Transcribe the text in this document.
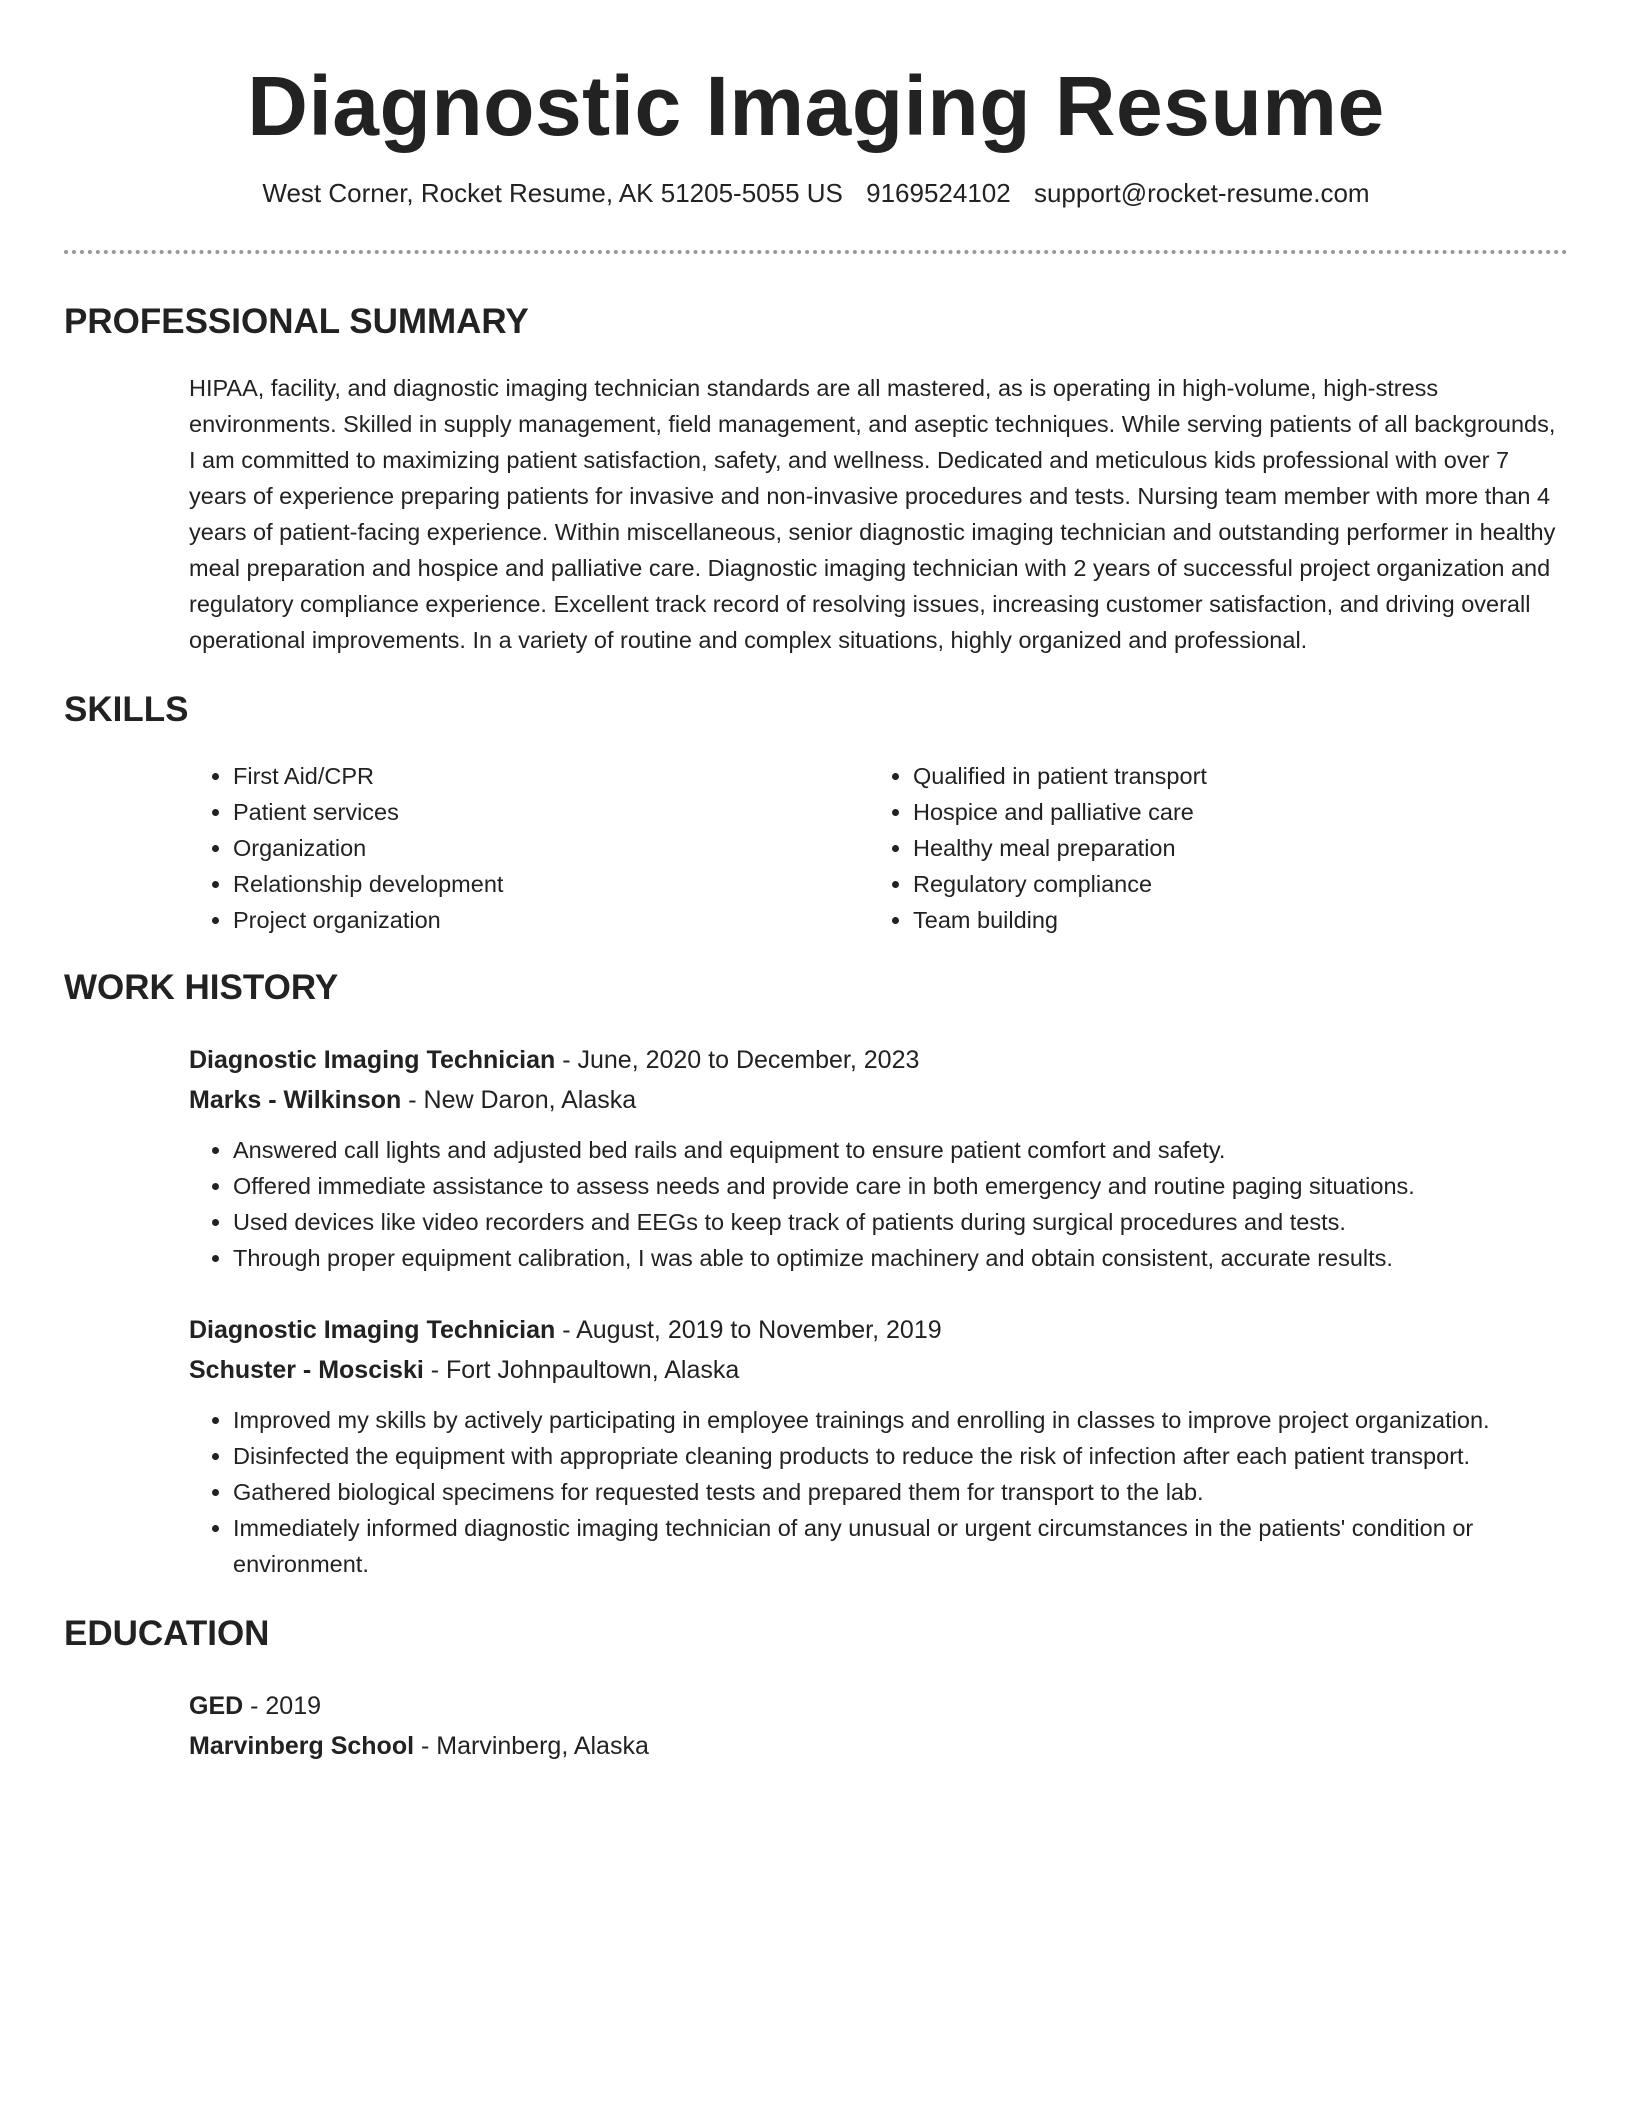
Diagnostic Imaging Resume
West Corner, Rocket Resume, AK 51205-5055 US 9169524102 support@rocket-resume.com
PROFESSIONAL SUMMARY

HIPAA, facility, and diagnostic imaging technician standards are all mastered, as is operating in high-volume, high-stress environments. Skilled in supply management, field management, and aseptic techniques. While serving patients of all backgrounds, I am committed to maximizing patient satisfaction, safety, and wellness. Dedicated and meticulous kids professional with over 7 years of experience preparing patients for invasive and non-invasive procedures and tests. Nursing team member with more than 4 years of patient-facing experience. Within miscellaneous, senior diagnostic imaging technician and outstanding performer in healthy meal preparation and hospice and palliative care. Diagnostic imaging technician with 2 years of successful project organization and regulatory compliance experience. Excellent track record of resolving issues, increasing customer satisfaction, and driving overall operational improvements. In a variety of routine and complex situations, highly organized and professional.

SKILLS
• First Aid/CPR
• Patient services
• Organization
• Relationship development
• Project organization
• Qualified in patient transport
• Hospice and palliative care
• Healthy meal preparation
• Regulatory compliance
• Team building
WORK HISTORY
Diagnostic Imaging Technician - June, 2020 to December, 2023
Marks - Wilkinson - New Daron, Alaska
• Answered call lights and adjusted bed rails and equipment to ensure patient comfort and safety.
• Offered immediate assistance to assess needs and provide care in both emergency and routine paging situations.
• Used devices like video recorders and EEGs to keep track of patients during surgical procedures and tests.
• Through proper equipment calibration, I was able to optimize machinery and obtain consistent, accurate results.
Diagnostic Imaging Technician - August, 2019 to November, 2019
Schuster - Mosciski - Fort Johnpaultown, Alaska
• Improved my skills by actively participating in employee trainings and enrolling in classes to improve project organization.
• Disinfected the equipment with appropriate cleaning products to reduce the risk of infection after each patient transport.
• Gathered biological specimens for requested tests and prepared them for transport to the lab.
• Immediately informed diagnostic imaging technician of any unusual or urgent circumstances in the patients' condition or environment.
EDUCATION
GED - 2019
Marvinberg School - Marvinberg, Alaska
